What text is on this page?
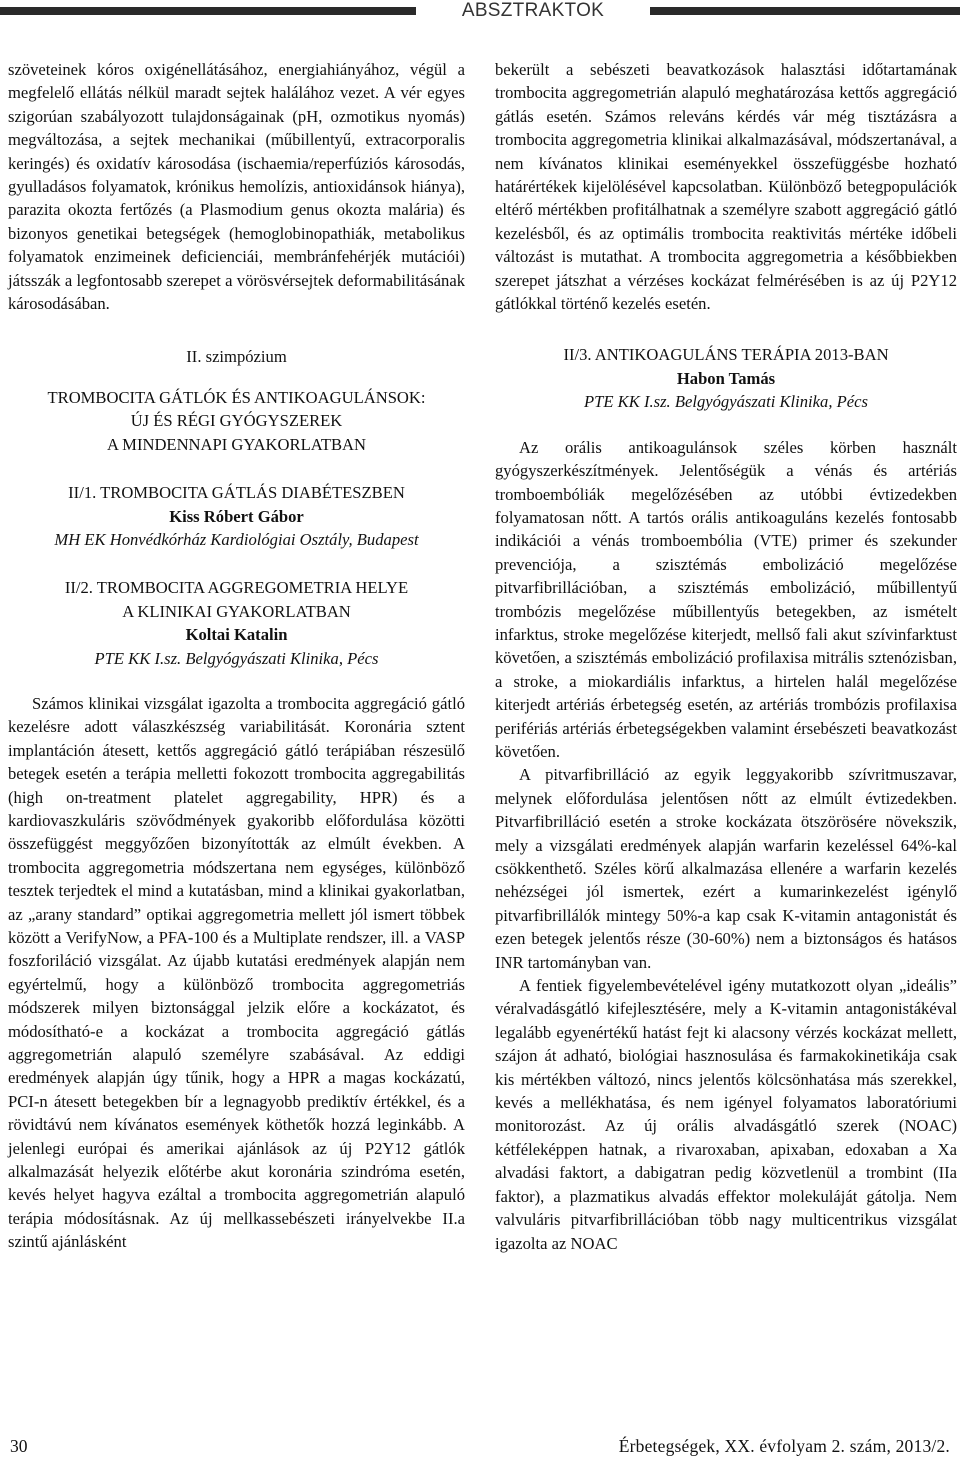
ABSZTRAKTOK

szöveteinek kóros oxigénellátásához, energiahiányához, végül a megfelelő ellátás nélkül maradt sejtek halálához vezet. A vér egyes szigorúan szabályozott tulajdonságainak (pH, ozmotikus nyomás) megváltozása, a sejtek mechanikai (műbillentyű, extracorporalis keringés) és oxidatív károsodása (ischaemia/reperfúziós károsodás, gyulladásos folyamatok, krónikus hemolízis, antioxidánsok hiánya), parazita okozta fertőzés (a Plasmodium genus okozta malária) és bizonyos genetikai betegségek (hemoglobinopathiák, metabolikus folyamatok enzimeinek deficienciái, membránfehérjék mutációi) játsszák a legfontosabb szerepet a vörösvérsejtek deformabilitásának károsodásában.

II. szimpózium
TROMBOCITA GÁTLÓK ÉS ANTIKOAGULÁNSOK:
ÚJ ÉS RÉGI GYÓGYSZEREK
A MINDENNAPI GYAKORLATBAN
II/1. TROMBOCITA GÁTLÁS DIABÉTESZBEN
Kiss Róbert Gábor
MH EK Honvédkórház Kardiológiai Osztály, Budapest
II/2. TROMBOCITA AGGREGOMETRIA HELYE
A KLINIKAI GYAKORLATBAN
Koltai Katalin
PTE KK I.sz. Belgyógyászati Klinika, Pécs

Számos klinikai vizsgálat igazolta a trombocita aggregáció gátló kezelésre adott válaszkészség variabilitását. Koronária sztent implantáción átesett, kettős aggregáció gátló terápiában részesülő betegek esetén a terápia melletti fokozott trombocita aggregabilitás (high on-treatment platelet aggregability, HPR) és a kardiovaszkuláris szövődmények gyakoribb előfordulása közötti összefüggést meggyőzően bizonyították az elmúlt években. A trombocita aggregometria módszertana nem egységes, különböző tesztek terjedtek el mind a kutatásban, mind a klinikai gyakorlatban, az „arany standard” optikai aggregometria mellett jól ismert többek között a VerifyNow, a PFA-100 és a Multiplate rendszer, ill. a VASP foszforiláció vizsgálat. Az újabb kutatási eredmények alapján nem egyértelmű, hogy a különböző trombocita aggregometriás módszerek milyen biztonsággal jelzik előre a kockázatot, és módosítható-e a kockázat a trombocita aggregáció gátlás aggregometrián alapuló személyre szabásával. Az eddigi eredmények alapján úgy tűnik, hogy a HPR a magas kockázatú, PCI-n átesett betegekben bír a legnagyobb prediktív értékkel, és a rövidtávú nem kívánatos események köthetők hozzá leginkább. A jelenlegi európai és amerikai ajánlások az új P2Y12 gátlók alkalmazását helyezik előtérbe akut koronária szindróma esetén, kevés helyet hagyva ezáltal a trombocita aggregometrián alapuló terápia módosításnak. Az új mellkassebészeti irányelvekbe II.a szintű ajánlásként

bekerült a sebészeti beavatkozások halasztási időtartamának trombocita aggregometrián alapuló meghatározása kettős aggregáció gátlás esetén. Számos releváns kérdés vár még tisztázásra a trombocita aggregometria klinikai alkalmazásával, módszertanával, a nem kívánatos klinikai eseményekkel összefüggésbe hozható határértékek kijelölésével kapcsolatban. Különböző betegpopulációk eltérő mértékben profitálhatnak a személyre szabott aggregáció gátló kezelésből, és az optimális trombocita reaktivitás mértéke időbeli változást is mutathat. A trombocita aggregometria a későbbiekben szerepet játszhat a vérzéses kockázat felmérésében is az új P2Y12 gátlókkal történő kezelés esetén.

II/3. ANTIKOAGULÁNS TERÁPIA 2013-BAN
Habon Tamás
PTE KK I.sz. Belgyógyászati Klinika, Pécs

Az orális antikoagulánsok széles körben használt gyógyszerkészítmények. Jelentőségük a vénás és artériás tromboembóliák megelőzésében az utóbbi évtizedekben folyamatosan nőtt. A tartós orális antikoaguláns kezelés fontosabb indikációi a vénás tromboembólia (VTE) primer és szekunder prevenciója, a szisztémás embolizáció megelőzése pitvarfibrillációban, a szisztémás embolizáció, műbillentyű trombózis megelőzése műbillentyűs betegekben, az ismételt infarktus, stroke megelőzése kiterjedt, mellső fali akut szívinfarktust követően, a szisztémás embolizáció profilaxisa mitrális sztenózisban, a stroke, a miokardiális infarktus, a hirtelen halál megelőzése kiterjedt artériás érbetegség esetén, az artériás trombózis profilaxisa perifériás artériás érbetegségekben valamint érsebészeti beavatkozást követően.

A pitvarfibrilláció az egyik leggyakoribb szívritmuszavar, melynek előfordulása jelentősen nőtt az elmúlt évtizedekben. Pitvarfibrilláció esetén a stroke kockázata ötszörösére növekszik, mely a vizsgálati eredmények alapján warfarin kezeléssel 64%-kal csökkenthető. Széles körű alkalmazása ellenére a warfarin kezelés nehézségei jól ismertek, ezért a kumarinkezelést igénylő pitvarfibrillálók mintegy 50%-a kap csak K-vitamin antagonistát és ezen betegek jelentős része (30-60%) nem a biztonságos és hatásos INR tartományban van.

A fentiek figyelembevételével igény mutatkozott olyan „ideális” véralvadásgátló kifejlesztésére, mely a K-vitamin antagonistákéval legalább egyenértékű hatást fejt ki alacsony vérzés kockázat mellett, szájon át adható, biológiai hasznosulása és farmakokinetikája csak kis mértékben változó, nincs jelentős kölcsönhatása más szerekkel, kevés a mellékhatása, és nem igényel folyamatos laboratóriumi monitorozást. Az új orális alvadásgátló szerek (NOAC) kétféleképpen hatnak, a rivaroxaban, apixaban, edoxaban a Xa alvadási faktort, a dabigatran pedig közvetlenül a trombint (IIa faktor), a plazmatikus alvadás effektor molekuláját gátolja. Nem valvuláris pitvarfibrillációban több nagy multicentrikus vizsgálat igazolta az NOAC

30	Érbetegségek, XX. évfolyam 2. szám, 2013/2.
